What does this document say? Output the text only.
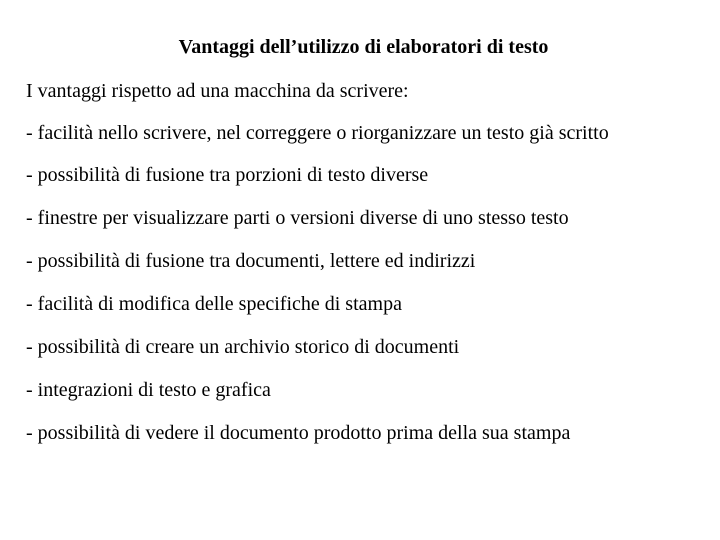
Vantaggi dell’utilizzo di elaboratori di testo
I vantaggi rispetto ad una macchina da scrivere:
- facilità nello scrivere, nel correggere o riorganizzare un testo già scritto
- possibilità di fusione tra porzioni di testo diverse
- finestre per visualizzare parti o versioni diverse di uno stesso testo
- possibilità di fusione tra documenti, lettere ed indirizzi
- facilità di modifica delle specifiche di stampa
- possibilità di creare un archivio storico di documenti
- integrazioni di testo e grafica
- possibilità di vedere il documento prodotto prima della sua stampa
